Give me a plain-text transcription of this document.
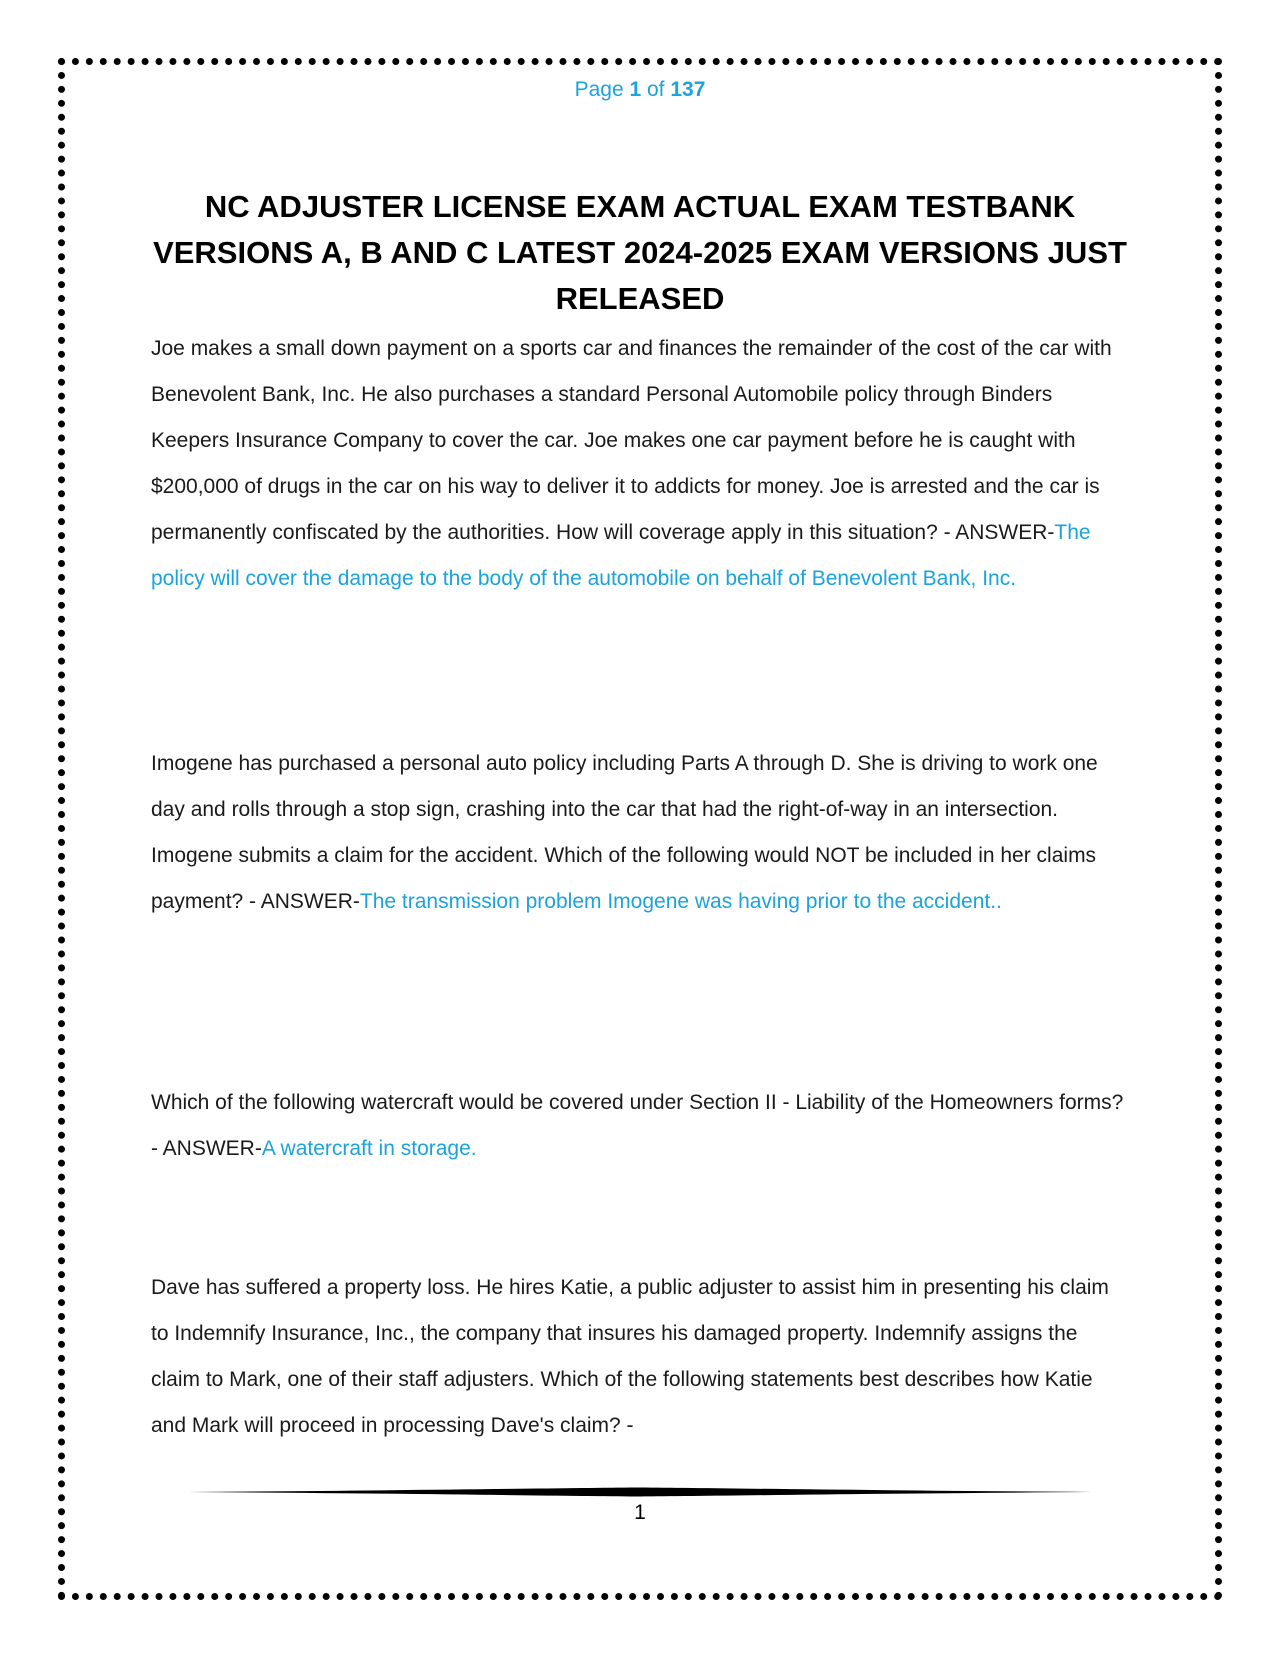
Page 1 of 137
NC ADJUSTER LICENSE EXAM ACTUAL EXAM TESTBANK VERSIONS A, B AND C LATEST 2024-2025 EXAM VERSIONS JUST RELEASED

Joe makes a small down payment on a sports car and finances the remainder of the cost of the car with Benevolent Bank, Inc. He also purchases a standard Personal Automobile policy through Binders Keepers Insurance Company to cover the car. Joe makes one car payment before he is caught with $200,000 of drugs in the car on his way to deliver it to addicts for money. Joe is arrested and the car is permanently confiscated by the authorities. How will coverage apply in this situation? - ANSWER-The policy will cover the damage to the body of the automobile on behalf of Benevolent Bank, Inc.

Imogene has purchased a personal auto policy including Parts A through D. She is driving to work one day and rolls through a stop sign, crashing into the car that had the right-of-way in an intersection. Imogene submits a claim for the accident. Which of the following would NOT be included in her claims payment? - ANSWER-The transmission problem Imogene was having prior to the accident..

Which of the following watercraft would be covered under Section II - Liability of the Homeowners forms? - ANSWER-A watercraft in storage.

Dave has suffered a property loss. He hires Katie, a public adjuster to assist him in presenting his claim to Indemnify Insurance, Inc., the company that insures his damaged property. Indemnify assigns the claim to Mark, one of their staff adjusters. Which of the following statements best describes how Katie and Mark will proceed in processing Dave's claim? -

1
